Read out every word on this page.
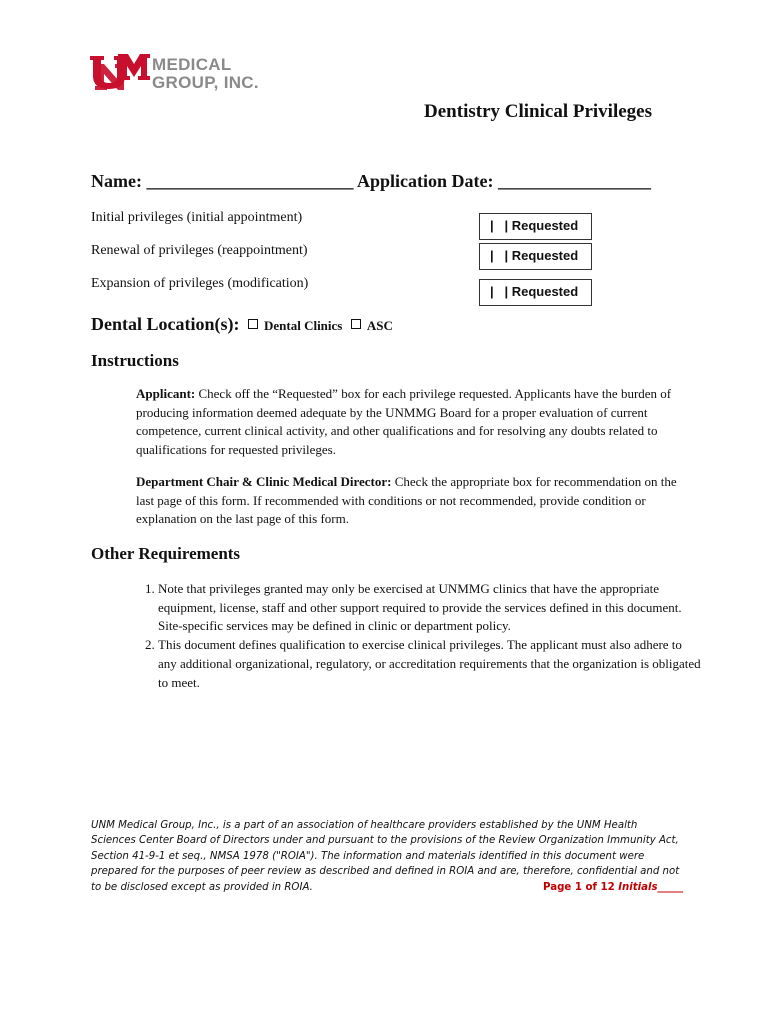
MEDICAL
GROUP, INC.
Dentistry Clinical Privileges
Name: _______________________ Application Date: _________________
Initial privileges (initial appointment)
|   | Requested
Renewal of privileges (reappointment)	|   | Requested
Expansion of privileges (modification)
|   | Requested
Dental Location(s): Dental Clinics ASC
Instructions
Applicant: Check off the “Requested” box for each privilege requested. Applicants have the burden of producing information deemed adequate by the UNMMG Board for a proper evaluation of current competence, current clinical activity, and other qualifications and for resolving any doubts related to qualifications for requested privileges.
Department Chair & Clinic Medical Director: Check the appropriate box for recommendation on the last page of this form. If recommended with conditions or not recommended, provide condition or explanation on the last page of this form.
Other Requirements
1. Note that privileges granted may only be exercised at UNMMG clinics that have the appropriate equipment, license, staff and other support required to provide the services defined in this document. Site-specific services may be defined in clinic or department policy.
2. This document defines qualification to exercise clinical privileges. The applicant must also adhere to any additional organizational, regulatory, or accreditation requirements that the organization is obligated to meet.
UNM Medical Group, Inc., is a part of an association of healthcare providers established by the UNM Health Sciences Center Board of Directors under and pursuant to the provisions of the Review Organization Immunity Act, Section 41-9-1 et seq., NMSA 1978 ("ROIA"). The information and materials identified in this document were prepared for the purposes of peer review as described and defined in ROIA and are, therefore, confidential and not to be disclosed except as provided in ROIA.	Page 1 of 12 Initials_____
